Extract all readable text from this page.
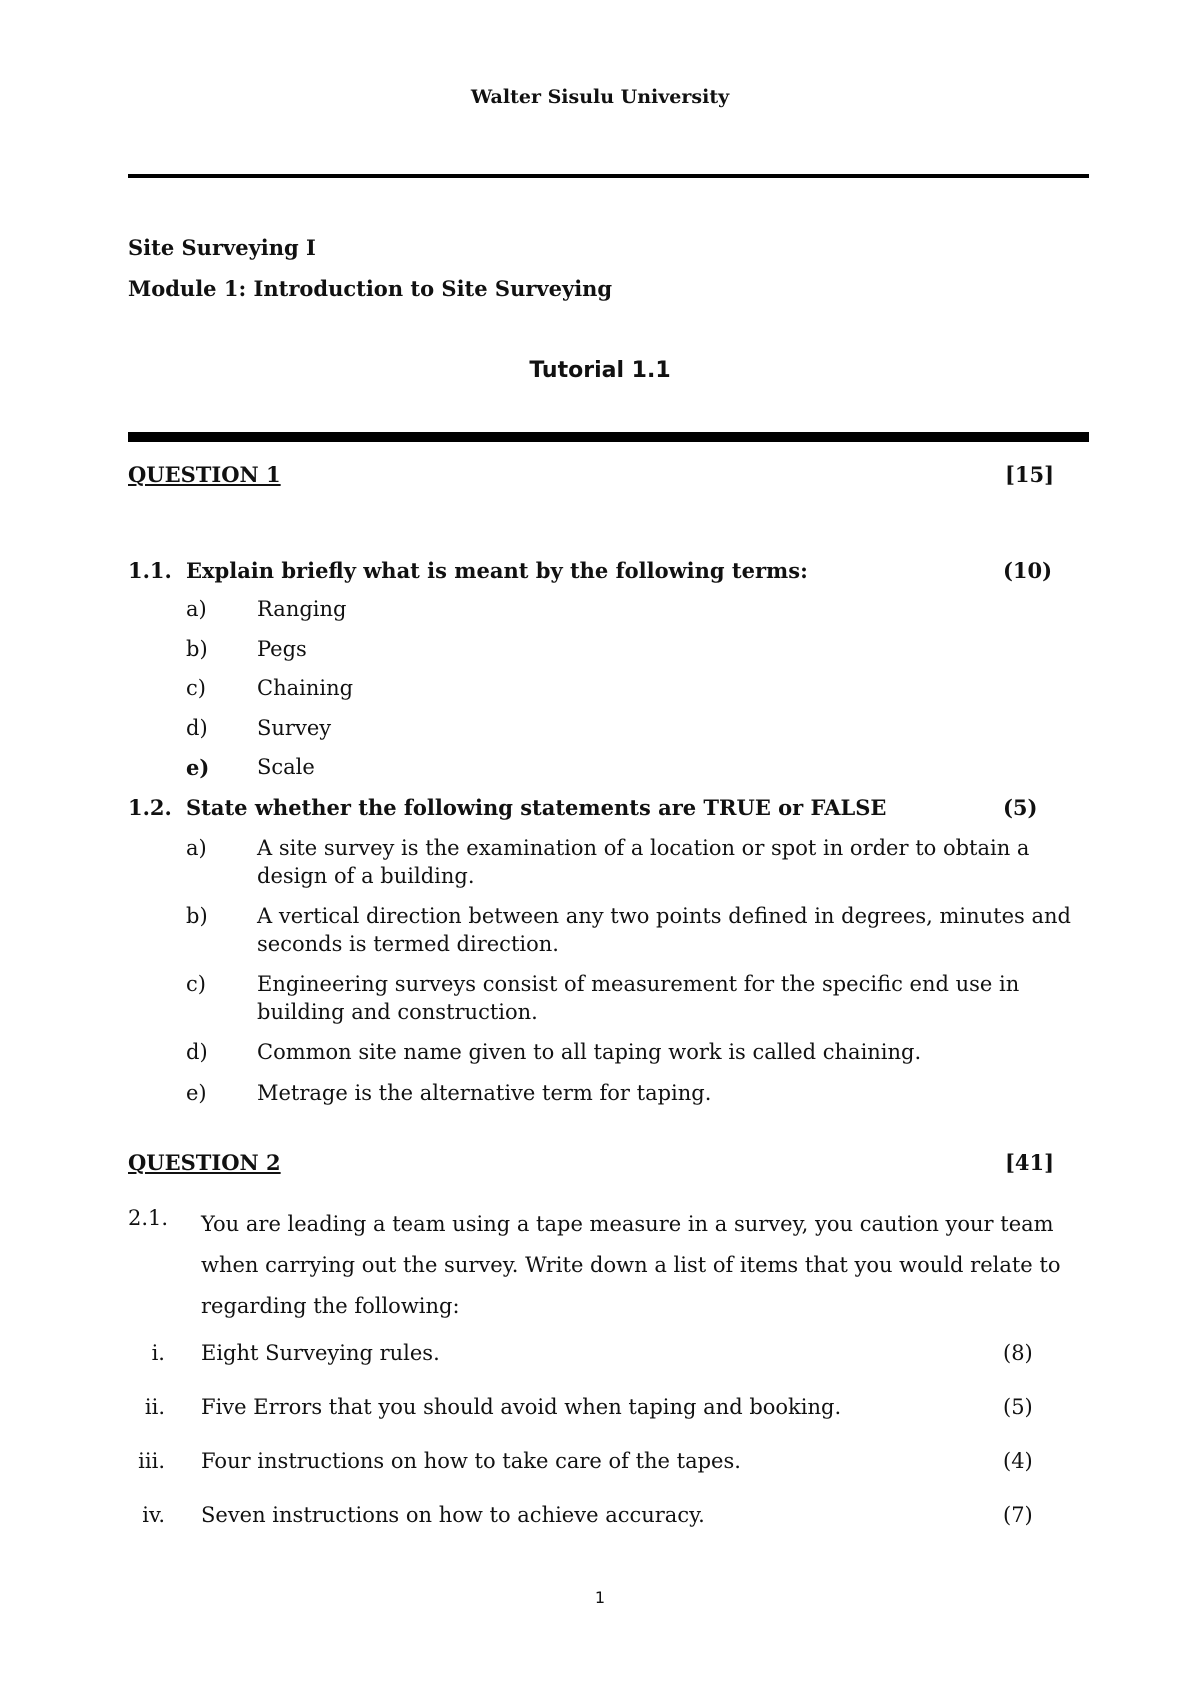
Walter Sisulu University
Site Surveying I
Module 1: Introduction to Site Surveying
Tutorial 1.1
QUESTION 1	[15]
1.1. Explain briefly what is meant by the following terms:	(10)
a) Ranging
b) Pegs
c) Chaining
d) Survey
e) Scale
1.2. State whether the following statements are TRUE or FALSE	(5)
a) A site survey is the examination of a location or spot in order to obtain a design of a building.
b) A vertical direction between any two points defined in degrees, minutes and seconds is termed direction.
c) Engineering surveys consist of measurement for the specific end use in building and construction.
d) Common site name given to all taping work is called chaining.
e) Metrage is the alternative term for taping.
QUESTION 2	[41]
2.1. You are leading a team using a tape measure in a survey, you caution your team when carrying out the survey. Write down a list of items that you would relate to regarding the following:
i. Eight Surveying rules.	(8)
ii. Five Errors that you should avoid when taping and booking.	(5)
iii. Four instructions on how to take care of the tapes.	(4)
iv. Seven instructions on how to achieve accuracy.	(7)
1
